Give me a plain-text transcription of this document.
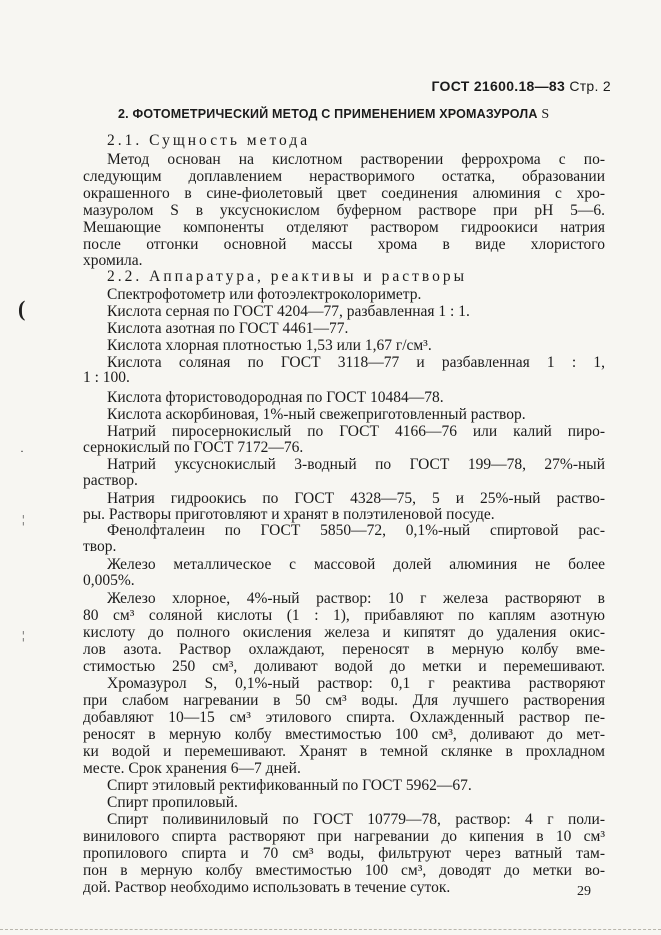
ГОСТ 21600.18—83 Стр. 2
2. ФОТОМЕТРИЧЕСКИЙ МЕТОД С ПРИМЕНЕНИЕМ ХРОМАЗУРОЛА S
2.1. Сущность метода
Метод основан на кислотном растворении феррохрома с по-
следующим доплавлением нерастворимого остатка, образовании
окрашенного в сине-фиолетовый цвет соединения алюминия с хро-
мазуролом S в уксуснокислом буферном растворе при pH 5—6.
Мешающие компоненты отделяют раствором гидроокиси натрия
после отгонки основной массы хрома в виде хлористого
хромила.
2.2. Аппаратура, реактивы и растворы
Спектрофотометр или фотоэлектроколориметр.
Кислота серная по ГОСТ 4204—77, разбавленная 1 : 1.
Кислота азотная по ГОСТ 4461—77.
Кислота хлорная плотностью 1,53 или 1,67 г/см³.
Кислота соляная по ГОСТ 3118—77 и разбавленная 1 : 1,
1 : 100.
Кислота фтористоводородная по ГОСТ 10484—78.
Кислота аскорбиновая, 1%-ный свежеприготовленный раствор.
Натрий пиросернокислый по ГОСТ 4166—76 или калий пиро-
сернокислый по ГОСТ 7172—76.
Натрий уксуснокислый 3-водный по ГОСТ 199—78, 27%-ный
раствор.
Натрия гидроокись по ГОСТ 4328—75, 5 и 25%-ный раство-
ры. Растворы приготовляют и хранят в полэтиленовой посуде.
Фенолфталеин по ГОСТ 5850—72, 0,1%-ный спиртовой рас-
твор.
Железо металлическое с массовой долей алюминия не более
0,005%.
Железо хлорное, 4%-ный раствор: 10 г железа растворяют в
80 см³ соляной кислоты (1 : 1), прибавляют по каплям азотную
кислоту до полного окисления железа и кипятят до удаления окис-
лов азота. Раствор охлаждают, переносят в мерную колбу вме-
стимостью 250 см³, доливают водой до метки и перемешивают.
Хромазурол S, 0,1%-ный раствор: 0,1 г реактива растворяют
при слабом нагревании в 50 см³ воды. Для лучшего растворения
добавляют 10—15 см³ этилового спирта. Охлажденный раствор пе-
реносят в мерную колбу вместимостью 100 см³, доливают до мет-
ки водой и перемешивают. Хранят в темной склянке в прохладном
месте. Срок хранения 6—7 дней.
Спирт этиловый ректификованный по ГОСТ 5962—67.
Спирт пропиловый.
Спирт поливиниловый по ГОСТ 10779—78, раствор: 4 г поли-
винилового спирта растворяют при нагревании до кипения в 10 см³
пропилового спирта и 70 см³ воды, фильтруют через ватный там-
пон в мерную колбу вместимостью 100 см³, доводят до метки во-
дой. Раствор необходимо использовать в течение суток.	29
(
·
¦
¦
